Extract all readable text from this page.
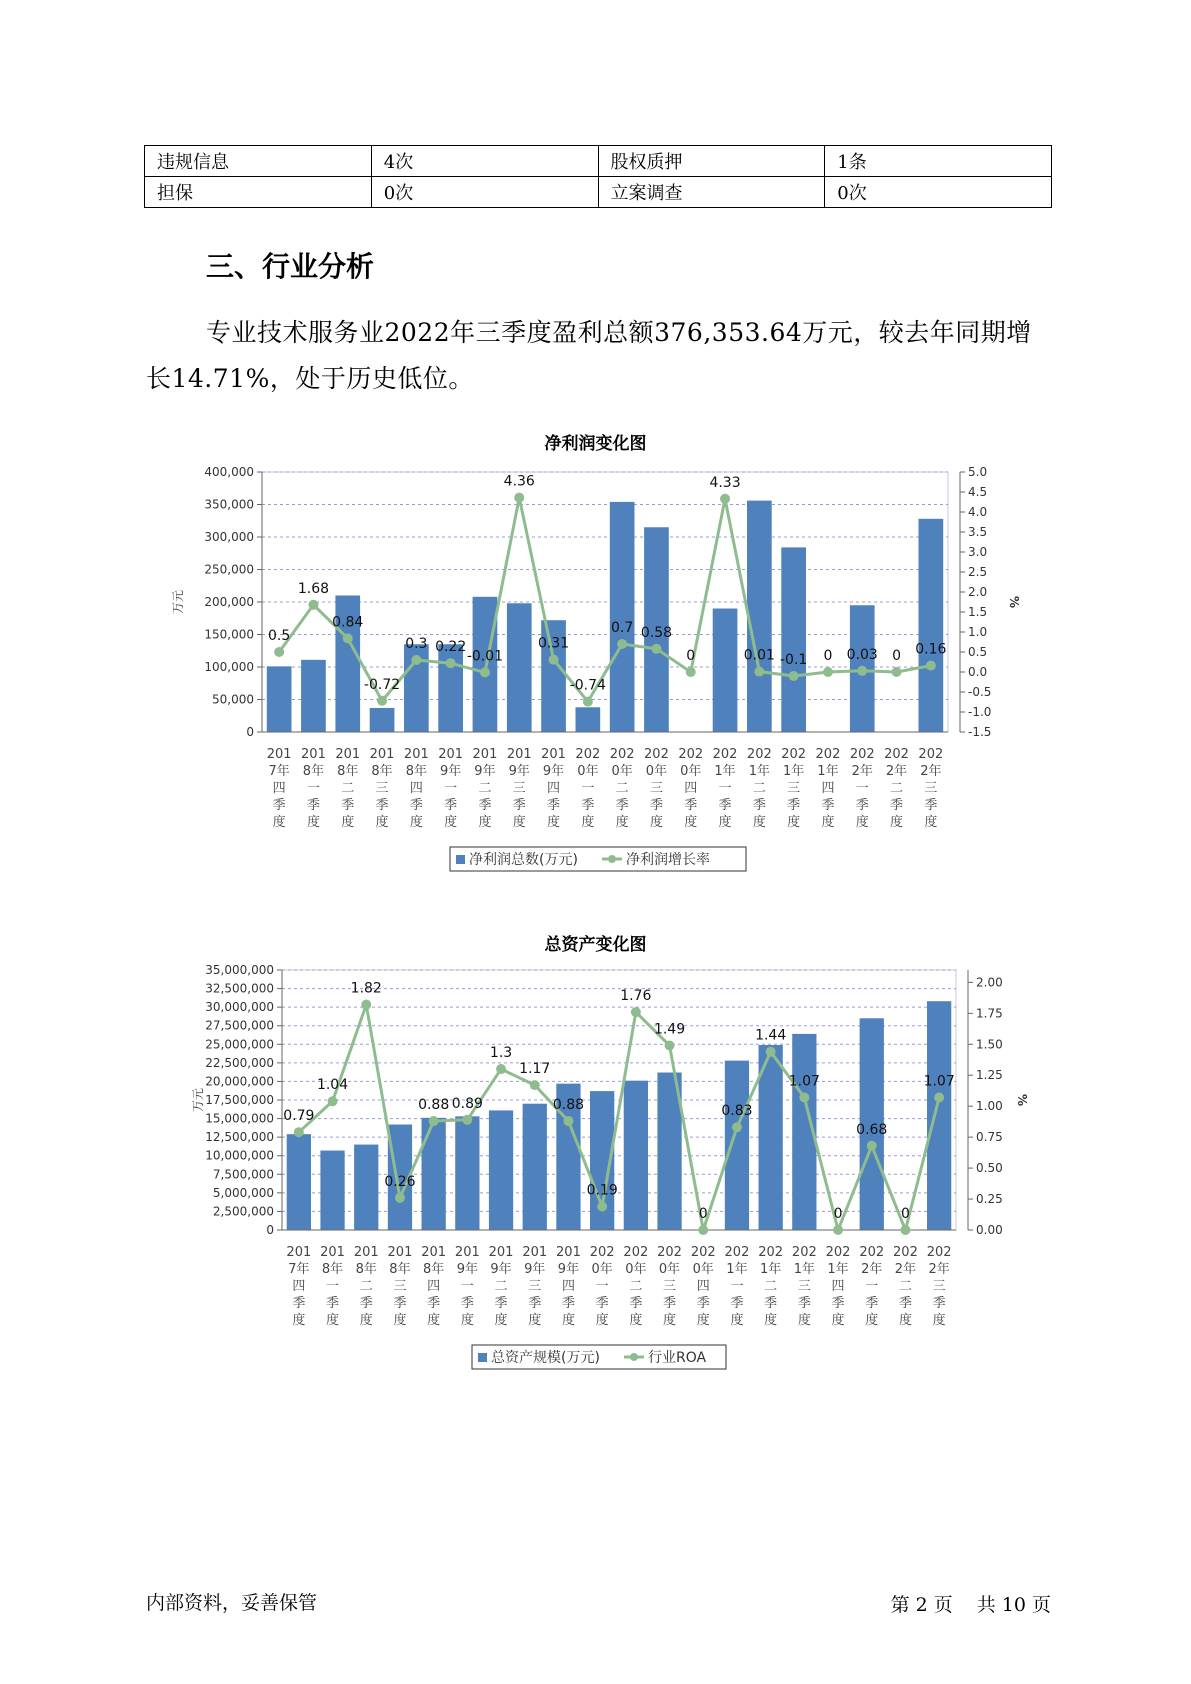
违规信息	4次	股权质押	1条
担保	0次	立案调查	0次
三、行业分析

专业技术服务业2022年三季度盈利总额376,353.64万元，较去年同期增长14.71%，处于历史低位。

净利润变化图
0
50,000
100,000
150,000
200,000
250,000
300,000
350,000
400,000
-1.5
-1.0
-0.5
0.0
0.5
1.0
1.5
2.0
2.5
3.0
3.5
4.0
4.5
5.0
万元	%
0.5
1.68
0.84
-0.72
0.3 0.22
-0.01
4.36
0.31
-0.74
0.7 0.58
0
4.33
0.01 -0.1 0 0.03 0 0.16
201
7年
四
季
度
201
8年
一
季
度
201
8年
二
季
度
201
8年
三
季
度
201
8年
四
季
度
201
9年
一
季
度
201
9年
二
季
度
201
9年
三
季
度
201
9年
四
季
度
202
0年
一
季
度
202
0年
二
季
度
202
0年
三
季
度
202
0年
四
季
度
202
1年
一
季
度
202
1年
二
季
度
202
1年
三
季
度
202
1年
四
季
度
202
2年
一
季
度
202
2年
二
季
度
202
2年
三
季
度
净利润总数(万元)	净利润增长率
总资产变化图
0
2,500,000
5,000,000
7,500,000
10,000,000
12,500,000
15,000,000
17,500,000
20,000,000
22,500,000
25,000,000
27,500,000
30,000,000
32,500,000
35,000,000
0.00
0.25
0.50
0.75
1.00
1.25
1.50
1.75
2.00
万元	%
0.79
1.04
1.82
0.26
0.88 0.89
1.3
1.17
0.88
0.19
1.76
1.49
0
0.83
1.44
1.07
0
0.68
0
1.07
201
7年
四
季
度
201
8年
一
季
度
201
8年
二
季
度
201
8年
三
季
度
201
8年
四
季
度
201
9年
一
季
度
201
9年
二
季
度
201
9年
三
季
度
201
9年
四
季
度
202
0年
一
季
度
202
0年
二
季
度
202
0年
三
季
度
202
0年
四
季
度
202
1年
一
季
度
202
1年
二
季
度
202
1年
三
季
度
202
1年
四
季
度
202
2年
一
季
度
202
2年
二
季
度
202
2年
三
季
度
总资产规模(万元)	行业ROA
内部资料，妥善保管	第 2 页 共 10 页
